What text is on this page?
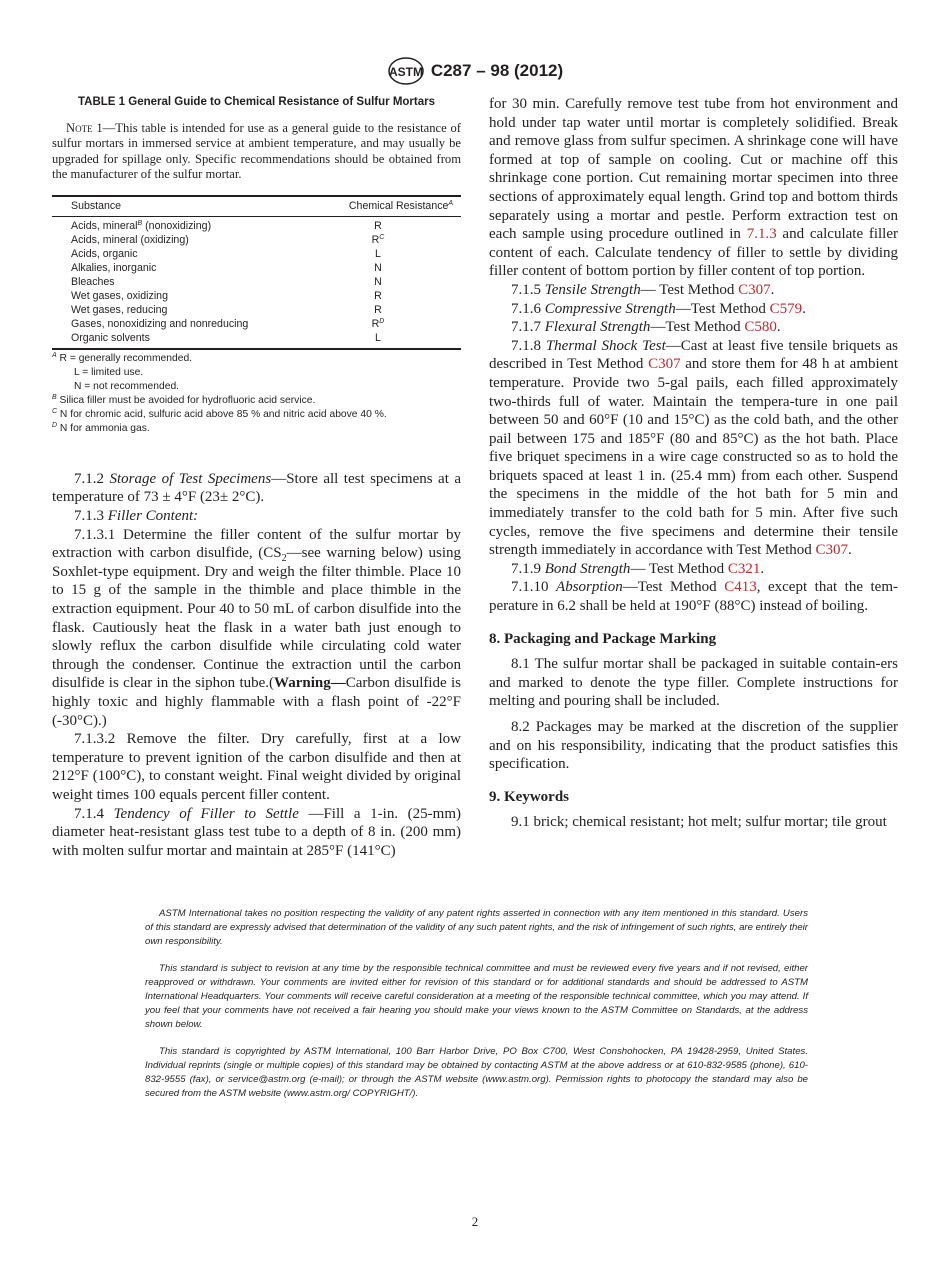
ASTM C287 – 98 (2012)
TABLE 1 General Guide to Chemical Resistance of Sulfur Mortars

Note 1—This table is intended for use as a general guide to the resistance of sulfur mortars in immersed service at ambient temperature, and may usually be upgraded for spillage only. Specific recommendations should be obtained from the manufacturer of the sulfur mortar.

Substance	Chemical Resistance$^A$
Acids, mineral$^B$ (nonoxidizing)	R
Acids, mineral (oxidizing)	$R^C$
Acids, organic	L
Alkalies, inorganic	N
Bleaches	N
Wet gases, oxidizing	R
Wet gases, reducing	R
Gases, nonoxidizing and nonreducing	$R^D$
Organic solvents	L
$^A$ R = generally recommended.
L = limited use.
N = not recommended.
$^B$ Silica filler must be avoided for hydrofluoric acid service.
$^C$ N for chromic acid, sulfuric acid above 85 % and nitric acid above 40 %.
$^D$ N for ammonia gas.

7.1.2 Storage of Test Specimens—Store all test specimens at a temperature of 73 ± 4°F (23± 2°C).

7.1.3 Filler Content:

7.1.3.1 Determine the filler content of the sulfur mortar by extraction with carbon disulfide, ($CS_2—see$ warning below) using Soxhlet-type equipment. Dry and weigh the filter thimble. Place 10 to 15 g of the sample in the thimble and place thimble in the extraction equipment. Pour 40 to 50 mL of carbon disulfide into the flask. Cautiously heat the flask in a water bath just enough to slowly reflux the carbon disulfide while circulating cold water through the condenser. Continue the extraction until the carbon disulfide is clear in the siphon tube.(Warning—Carbon disulfide is highly toxic and highly flammable with a flash point of -22°F (-30°C).)

7.1.3.2 Remove the filter. Dry carefully, first at a low temperature to prevent ignition of the carbon disulfide and then at 212°F (100°C), to constant weight. Final weight divided by original weight times 100 equals percent filler content.

7.1.4 Tendency of Filler to Settle —Fill a 1-in. (25-mm) diameter heat-resistant glass test tube to a depth of 8 in. (200 mm) with molten sulfur mortar and maintain at 285°F (141°C)

for 30 min. Carefully remove test tube from hot environment and hold under tap water until mortar is completely solidified. Break and remove glass from sulfur specimen. A shrinkage cone will have formed at top of sample on cooling. Cut or machine off this shrinkage cone portion. Cut remaining mortar specimen into three sections of approximately equal length. Grind top and bottom thirds separately using a mortar and pestle. Perform extraction test on each sample using procedure outlined in 7.1.3 and calculate filler content of each. Calculate tendency of filler to settle by dividing filler content of bottom portion by filler content of top portion.

7.1.5 Tensile Strength— Test Method C307.

7.1.6 Compressive Strength—Test Method C579.

7.1.7 Flexural Strength—Test Method C580.

7.1.8 Thermal Shock Test—Cast at least five tensile briquets as described in Test Method C307 and store them for 48 h at ambient temperature. Provide two 5-gal pails, each filled approximately two-thirds full of water. Maintain the tempera-ture in one pail between 50 and 60°F (10 and 15°C) as the cold bath, and the other pail between 175 and 185°F (80 and 85°C) as the hot bath. Place five briquet specimens in a wire cage constructed so as to hold the briquets spaced at least 1 in. (25.4 mm) from each other. Suspend the specimens in the middle of the hot bath for 5 min and immediately transfer to the cold bath for 5 min. After five such cycles, remove the five specimens and determine their tensile strength immediately in accordance with Test Method C307.

7.1.9 Bond Strength— Test Method C321.

7.1.10 Absorption—Test Method C413, except that the tem-perature in 6.2 shall be held at 190°F (88°C) instead of boiling.

8. Packaging and Package Marking

8.1 The sulfur mortar shall be packaged in suitable contain-ers and marked to denote the type filler. Complete instructions for melting and pouring shall be included.

8.2 Packages may be marked at the discretion of the supplier and on his responsibility, indicating that the product satisfies this specification.

9. Keywords

9.1 brick; chemical resistant; hot melt; sulfur mortar; tile grout

ASTM International takes no position respecting the validity of any patent rights asserted in connection with any item mentioned in this standard. Users of this standard are expressly advised that determination of the validity of any such patent rights, and the risk of infringement of such rights, are entirely their own responsibility.

This standard is subject to revision at any time by the responsible technical committee and must be reviewed every five years and if not revised, either reapproved or withdrawn. Your comments are invited either for revision of this standard or for additional standards and should be addressed to ASTM International Headquarters. Your comments will receive careful consideration at a meeting of the responsible technical committee, which you may attend. If you feel that your comments have not received a fair hearing you should make your views known to the ASTM Committee on Standards, at the address shown below.

This standard is copyrighted by ASTM International, 100 Barr Harbor Drive, PO Box C700, West Conshohocken, PA 19428-2959, United States. Individual reprints (single or multiple copies) of this standard may be obtained by contacting ASTM at the above address or at 610-832-9585 (phone), 610-832-9555 (fax), or service@astm.org (e-mail); or through the ASTM website (www.astm.org). Permission rights to photocopy the standard may also be secured from the ASTM website (www.astm.org/ COPYRIGHT/).

2
